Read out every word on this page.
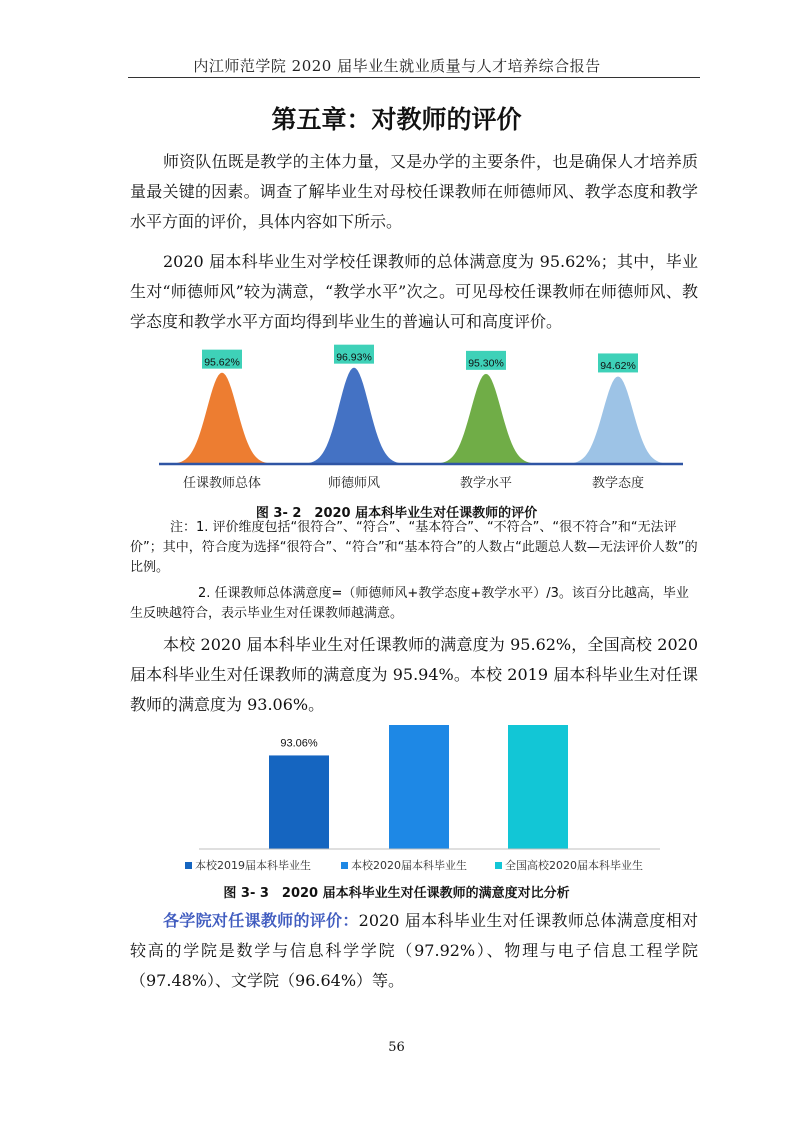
内江师范学院 2020 届毕业生就业质量与人才培养综合报告
第五章：对教师的评价

师资队伍既是教学的主体力量，又是办学的主要条件，也是确保人才培养质量最关键的因素。调查了解毕业生对母校任课教师在师德师风、教学态度和教学水平方面的评价，具体内容如下所示。

2020 届本科毕业生对学校任课教师的总体满意度为 95.62%；其中，毕业生对“师德师风”较为满意，“教学水平”次之。可见母校任课教师在师德师风、教学态度和教学水平方面均得到毕业生的普遍认可和高度评价。

95.62%
任课教师总体
96.93%
师德师风
95.30%
教学水平
94.62%
教学态度
图 3- 2　2020 届本科毕业生对任课教师的评价

注：1. 评价维度包括“很符合”、“符合”、“基本符合”、“不符合”、“很不符合”和“无法评价”；其中，符合度为选择“很符合”、“符合”和“基本符合”的人数占“此题总人数—无法评价人数”的比例。

2. 任课教师总体满意度=（师德师风+教学态度+教学水平）/3。该百分比越高，毕业生反映越符合，表示毕业生对任课教师越满意。

本校 2020 届本科毕业生对任课教师的满意度为 95.62%，全国高校 2020 届本科毕业生对任课教师的满意度为 95.94%。本校 2019 届本科毕业生对任课教师的满意度为 93.06%。

93.06%
本校2019届本科毕业生	本校2020届本科毕业生	全国高校2020届本科毕业生
图 3- 3　2020 届本科毕业生对任课教师的满意度对比分析

各学院对任课教师的评价：2020 届本科毕业生对任课教师总体满意度相对较高的学院是数学与信息科学学院（97.92%）、物理与电子信息工程学院（97.48%）、文学院（96.64%）等。

56
